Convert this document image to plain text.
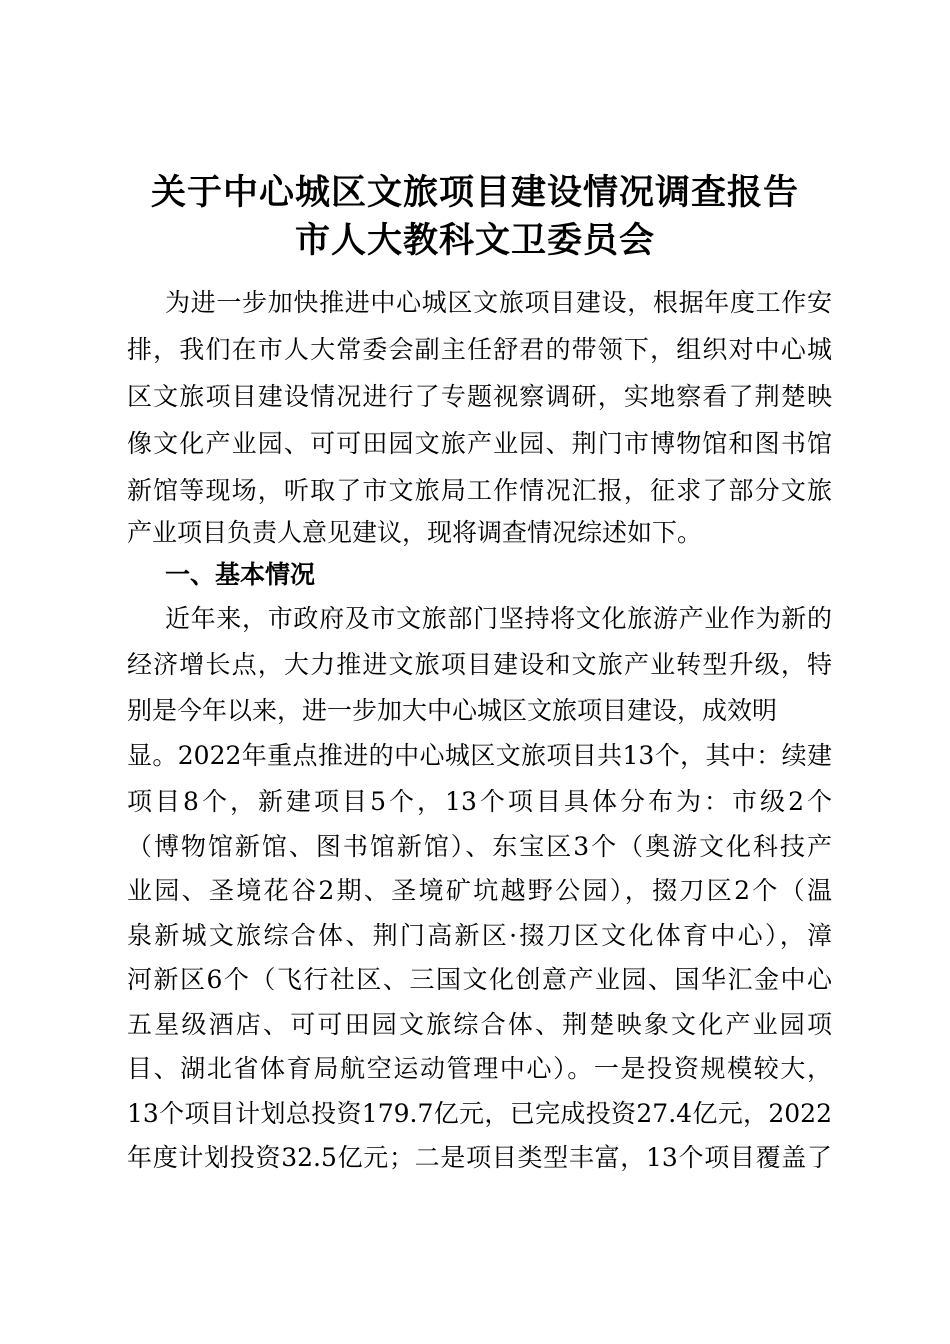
关于中心城区文旅项目建设情况调查报告
市人大教科文卫委员会
为进一步加快推进中心城区文旅项目建设，根据年度工作安
排，我们在市人大常委会副主任舒君的带领下，组织对中心城
区文旅项目建设情况进行了专题视察调研，实地察看了荆楚映
像文化产业园、可可田园文旅产业园、荆门市博物馆和图书馆
新馆等现场，听取了市文旅局工作情况汇报，征求了部分文旅
产业项目负责人意见建议，现将调查情况综述如下。
一、基本情况
近年来，市政府及市文旅部门坚持将文化旅游产业作为新的
经济增长点，大力推进文旅项目建设和文旅产业转型升级，特
别是今年以来，进一步加大中心城区文旅项目建设，成效明
显。2022年重点推进的中心城区文旅项目共13个，其中：续建
项目8个，新建项目5个，13个项目具体分布为：市级2个
（博物馆新馆、图书馆新馆）、东宝区3个（奥游文化科技产
业园、圣境花谷2期、圣境矿坑越野公园），掇刀区2个（温
泉新城文旅综合体、荆门高新区·掇刀区文化体育中心），漳
河新区6个（飞行社区、三国文化创意产业园、国华汇金中心
五星级酒店、可可田园文旅综合体、荆楚映象文化产业园项
目、湖北省体育局航空运动管理中心）。一是投资规模较大，
13个项目计划总投资179.7亿元，已完成投资27.4亿元，2022
年度计划投资32.5亿元；二是项目类型丰富，13个项目覆盖了
